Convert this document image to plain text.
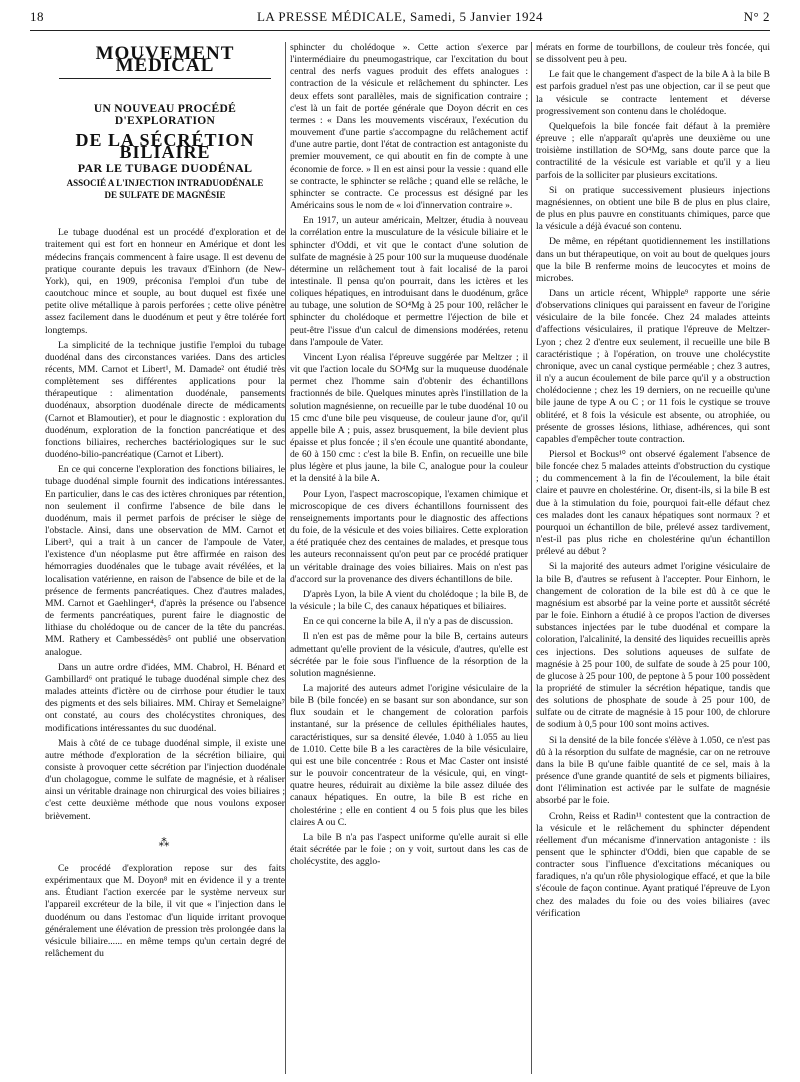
18	LA PRESSE MÉDICALE, Samedi, 5 Janvier 1924	N° 2
MOUVEMENT MÉDICAL
UN NOUVEAU PROCÉDÉ D'EXPLORATION
DE LA SÉCRÉTION BILIAIRE
PAR LE TUBAGE DUODÉNAL
ASSOCIÉ A L'INJECTION INTRADUODÉNALE
DE SULFATE DE MAGNÉSIE

Le tubage duodénal est un procédé d'exploration et de traitement qui est fort en honneur en Amérique et dont les médecins français commencent à faire usage. Il est devenu de pratique courante depuis les travaux d'Einhorn (de New-York), qui, en 1909, préconisa l'emploi d'un tube de caoutchouc mince et souple, au bout duquel est fixée une petite olive métallique à parois perforées ; cette olive pénètre assez facilement dans le duodénum et peut y être tolérée fort longtemps.

La simplicité de la technique justifie l'emploi du tubage duodénal dans des circonstances variées. Dans des articles récents, MM. Carnot et Libert¹, M. Damade² ont étudié très complètement ses différentes applications pour la thérapeutique : alimentation duodénale, pansements duodénaux, absorption duodénale directe de médicaments (Carnot et Blamoutier), et pour le diagnostic : exploration du duodénum, exploration de la fonction pancréatique et des fonctions biliaires, recherches bactériologiques sur le suc duodéno-bilio-pancréatique (Carnot et Libert).

En ce qui concerne l'exploration des fonctions biliaires, le tubage duodénal simple fournit des indications intéressantes. En particulier, dans le cas des ictères chroniques par rétention, non seulement il confirme l'absence de bile dans le duodénum, mais il permet parfois de préciser le siège de l'obstacle. Ainsi, dans une observation de MM. Carnot et Libert³, qui a trait à un cancer de l'ampoule de Vater, l'existence d'un néoplasme put être affirmée en raison des hémorragies duodénales que le tubage avait révélées, et la localisation vatérienne, en raison de l'absence de bile et de la présence de ferments pancréatiques. Chez d'autres malades, MM. Carnot et Gaehlinger⁴, d'après la présence ou l'absence de ferments pancréatiques, purent faire le diagnostic de lithiase du cholédoque ou de cancer de la tête du pancréas. MM. Rathery et Cambessédès⁵ ont publié une observation analogue.

Dans un autre ordre d'idées, MM. Chabrol, H. Bénard et Gambillard⁶ ont pratiqué le tubage duodénal simple chez des malades atteints d'ictère ou de cirrhose pour étudier le taux des pigments et des sels biliaires. MM. Chiray et Semelaigne⁷ ont constaté, au cours des cholécystites chroniques, des modifications intéressantes du suc duodénal.

Mais à côté de ce tubage duodénal simple, il existe une autre méthode d'exploration de la sécrétion biliaire, qui consiste à provoquer cette sécrétion par l'injection duodénale d'un cholagogue, comme le sulfate de magnésie, et à réaliser ainsi un véritable drainage non chirurgical des voies biliaires ; c'est cette deuxième méthode que nous voulons exposer brièvement.

⁂

Ce procédé d'exploration repose sur des faits expérimentaux que M. Doyon⁸ mit en évidence il y a trente ans. Étudiant l'action exercée par le système nerveux sur l'appareil excréteur de la bile, il vit que « l'injection dans le duodénum ou dans l'estomac d'un liquide irritant provoque généralement une élévation de pression très prolongée dans la vésicule biliaire...... en même temps qu'un certain degré de relâchement du

sphincter du cholédoque ». Cette action s'exerce par l'intermédiaire du pneumogastrique, car l'excitation du bout central des nerfs vagues produit des effets analogues : contraction de la vésicule et relâchement du sphincter. Les deux effets sont parallèles, mais de signification contraire ; c'est là un fait de portée générale que Doyon décrit en ces termes : « Dans les mouvements viscéraux, l'exécution du mouvement d'une partie s'accompagne du relâchement actif d'une autre partie, dont l'état de contraction est antagoniste du premier mouvement, ce qui aboutit en fin de compte à une économie de force. » Il en est ainsi pour la vessie : quand elle se contracte, le sphincter se relâche ; quand elle se relâche, le sphincter se contracte. Ce processus est désigné par les Américains sous le nom de « loi d'innervation contraire ».

En 1917, un auteur américain, Meltzer, étudia à nouveau la corrélation entre la musculature de la vésicule biliaire et le sphincter d'Oddi, et vit que le contact d'une solution de sulfate de magnésie à 25 pour 100 sur la muqueuse duodénale détermine un relâchement tout à fait localisé de la paroi intestinale. Il pensa qu'on pourrait, dans les ictères et les coliques hépatiques, en introduisant dans le duodénum, grâce au tubage, une solution de SO⁴Mg à 25 pour 100, relâcher le sphincter du cholédoque et permettre l'éjection de bile et peut-être l'issue d'un calcul de dimensions modérées, retenu dans l'ampoule de Vater.

Vincent Lyon réalisa l'épreuve suggérée par Meltzer ; il vit que l'action locale du SO⁴Mg sur la muqueuse duodénale permet chez l'homme sain d'obtenir des échantillons fractionnés de bile. Quelques minutes après l'instillation de la solution magnésienne, on recueille par le tube duodénal 10 ou 15 cmc d'une bile peu visqueuse, de couleur jaune d'or, qu'il appelle bile A ; puis, assez brusquement, la bile devient plus épaisse et plus foncée ; il s'en écoule une quantité abondante, de 60 à 150 cmc : c'est la bile B. Enfin, on recueille une bile plus légère et plus jaune, la bile C, analogue pour la couleur et la densité à la bile A.

Pour Lyon, l'aspect macroscopique, l'examen chimique et microscopique de ces divers échantillons fournissent des renseignements importants pour le diagnostic des affections du foie, de la vésicule et des voies biliaires. Cette exploration a été pratiquée chez des centaines de malades, et presque tous les auteurs reconnaissent qu'on peut par ce procédé pratiquer un véritable drainage des voies biliaires. Mais on n'est pas d'accord sur la provenance des divers échantillons de bile.

D'après Lyon, la bile A vient du cholédoque ; la bile B, de la vésicule ; la bile C, des canaux hépatiques et biliaires.

En ce qui concerne la bile A, il n'y a pas de discussion.

Il n'en est pas de même pour la bile B, certains auteurs admettant qu'elle provient de la vésicule, d'autres, qu'elle est sécrétée par le foie sous l'influence de la résorption de la solution magnésienne.

La majorité des auteurs admet l'origine vésiculaire de la bile B (bile foncée) en se basant sur son abondance, sur son flux soudain et le changement de coloration parfois instantané, sur la présence de cellules épithéliales hautes, caractéristiques, sur sa densité élevée, 1.040 à 1.055 au lieu de 1.010. Cette bile B a les caractères de la bile vésiculaire, qui est une bile concentrée : Rous et Mac Caster ont insisté sur le pouvoir concentrateur de la vésicule, qui, en vingt-quatre heures, réduirait au dixième la bile assez diluée des canaux hépatiques. En outre, la bile B est riche en cholestérine ; elle en contient 4 ou 5 fois plus que les biles claires A ou C.

La bile B n'a pas l'aspect uniforme qu'elle aurait si elle était sécrétée par le foie ; on y voit, surtout dans les cas de cholécystite, des agglo-

mérats en forme de tourbillons, de couleur très foncée, qui se dissolvent peu à peu.

Le fait que le changement d'aspect de la bile A à la bile B est parfois graduel n'est pas une objection, car il se peut que la vésicule se contracte lentement et déverse progressivement son contenu dans le cholédoque.

Quelquefois la bile foncée fait défaut à la première épreuve ; elle n'apparaît qu'après une deuxième ou une troisième instillation de SO⁴Mg, sans doute parce que la contractilité de la vésicule est variable et qu'il y a lieu parfois de la solliciter par plusieurs excitations.

Si on pratique successivement plusieurs injections magnésiennes, on obtient une bile B de plus en plus claire, de plus en plus pauvre en constituants chimiques, parce que la vésicule a déjà évacué son contenu.

De même, en répétant quotidiennement les instillations dans un but thérapeutique, on voit au bout de quelques jours que la bile B renferme moins de leucocytes et moins de microbes.

Dans un article récent, Whipple⁹ rapporte une série d'observations cliniques qui paraissent en faveur de l'origine vésiculaire de la bile foncée. Chez 24 malades atteints d'affections vésiculaires, il pratique l'épreuve de Meltzer-Lyon ; chez 2 d'entre eux seulement, il recueille une bile B caractéristique ; à l'opération, on trouve une cholécystite chronique, avec un canal cystique perméable ; chez 3 autres, il n'y a aucun écoulement de bile parce qu'il y a obstruction cholédocienne ; chez les 19 derniers, on ne recueille qu'une bile jaune de type A ou C ; or 11 fois le cystique se trouve oblitéré, et 8 fois la vésicule est absente, ou atrophiée, ou présente de grosses lésions, lithiase, adhérences, qui sont capables d'empêcher toute contraction.

Piersol et Bockus¹⁰ ont observé également l'absence de bile foncée chez 5 malades atteints d'obstruction du cystique ; du commencement à la fin de l'écoulement, la bile était claire et pauvre en cholestérine. Or, disent-ils, si la bile B est due à la stimulation du foie, pourquoi fait-elle défaut chez ces malades dont les canaux hépatiques sont normaux ? et pourquoi un échantillon de bile, prélevé assez tardivement, n'est-il pas plus riche en cholestérine qu'un échantillon prélevé au début ?

Si la majorité des auteurs admet l'origine vésiculaire de la bile B, d'autres se refusent à l'accepter. Pour Einhorn, le changement de coloration de la bile est dû à ce que le magnésium est absorbé par la veine porte et aussitôt sécrété par le foie. Einhorn a étudié à ce propos l'action de diverses substances injectées par le tube duodénal et compare la coloration, l'alcalinité, la densité des liquides recueillis après ces injections. Des solutions aqueuses de sulfate de magnésie à 25 pour 100, de sulfate de soude à 25 pour 100, de glucose à 25 pour 100, de peptone à 5 pour 100 possèdent la propriété de stimuler la sécrétion hépatique, tandis que des solutions de phosphate de soude à 25 pour 100, de sulfate ou de citrate de magnésie à 15 pour 100, de chlorure de sodium à 0,5 pour 100 sont moins actives.

Si la densité de la bile foncée s'élève à 1.050, ce n'est pas dû à la résorption du sulfate de magnésie, car on ne retrouve dans la bile B qu'une faible quantité de ce sel, mais à la présence d'une grande quantité de sels et pigments biliaires, dont l'élimination est activée par le sulfate de magnésie absorbé par le foie.

Crohn, Reiss et Radin¹¹ contestent que la contraction de la vésicule et le relâchement du sphincter dépendent réellement d'un mécanisme d'innervation antagoniste : ils pensent que le sphincter d'Oddi, bien que capable de se contracter sous l'influence d'excitations mécaniques ou faradiques, n'a qu'un rôle physiologique effacé, et que la bile s'écoule de façon continue. Ayant pratiqué l'épreuve de Lyon chez des malades du foie ou des voies biliaires (avec vérification
